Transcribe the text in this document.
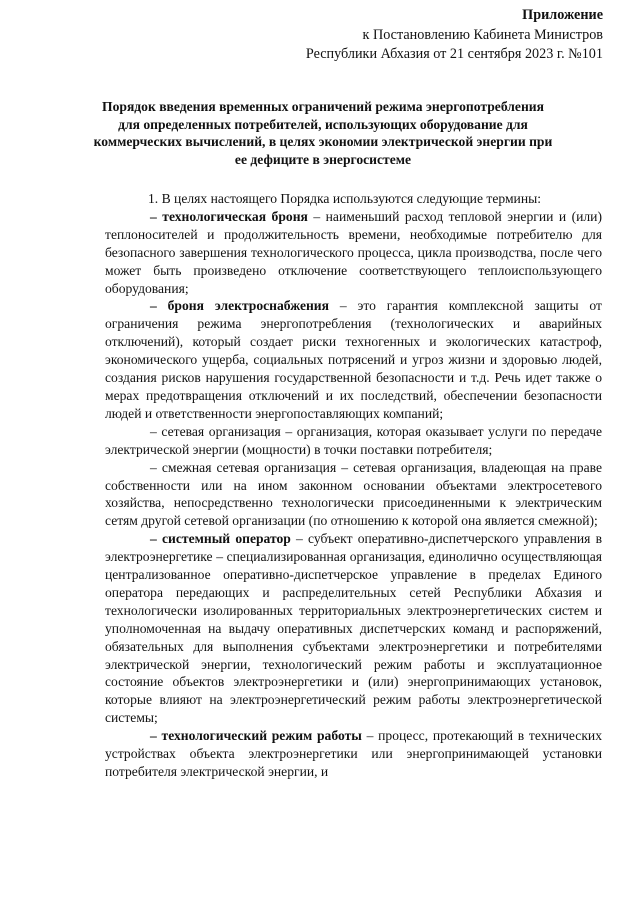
Приложение
к Постановлению Кабинета Министров
Республики Абхазия от 21 сентября 2023 г. №101
Порядок введения временных ограничений режима энергопотребления для определенных потребителей, использующих оборудование для коммерческих вычислений, в целях экономии электрической энергии при ее дефиците в энергосистеме

1. В целях настоящего Порядка используются следующие термины:

– технологическая броня – наименьший расход тепловой энергии и (или) теплоносителей и продолжительность времени, необходимые потребителю для безопасного завершения технологического процесса, цикла производства, после чего может быть произведено отключение соответствующего теплоиспользующего оборудования;

– броня электроснабжения – это гарантия комплексной защиты от ограничения режима энергопотребления (технологических и аварийных отключений), который создает риски техногенных и экологических катастроф, экономического ущерба, социальных потрясений и угроз жизни и здоровью людей, создания рисков нарушения государственной безопасности и т.д. Речь идет также о мерах предотвращения отключений и их последствий, обеспечении безопасности людей и ответственности энергопоставляющих компаний;

– сетевая организация – организация, которая оказывает услуги по передаче электрической энергии (мощности) в точки поставки потребителя;

– смежная сетевая организация – сетевая организация, владеющая на праве собственности или на ином законном основании объектами электросетевого хозяйства, непосредственно технологически присоединенными к электрическим сетям другой сетевой организации (по отношению к которой она является смежной);

– системный оператор – субъект оперативно-диспетчерского управления в электроэнергетике – специализированная организация, единолично осуществляющая централизованное оперативно-диспетчерское управление в пределах Единого оператора передающих и распределительных сетей Республики Абхазия и технологически изолированных территориальных электроэнергетических систем и уполномоченная на выдачу оперативных диспетчерских команд и распоряжений, обязательных для выполнения субъектами электроэнергетики и потребителями электрической энергии, технологический режим работы и эксплуатационное состояние объектов электроэнергетики и (или) энергопринимающих установок, которые влияют на электроэнергетический режим работы электроэнергетической системы;

– технологический режим работы – процесс, протекающий в технических устройствах объекта электроэнергетики или энергопринимающей установки потребителя электрической энергии, и
